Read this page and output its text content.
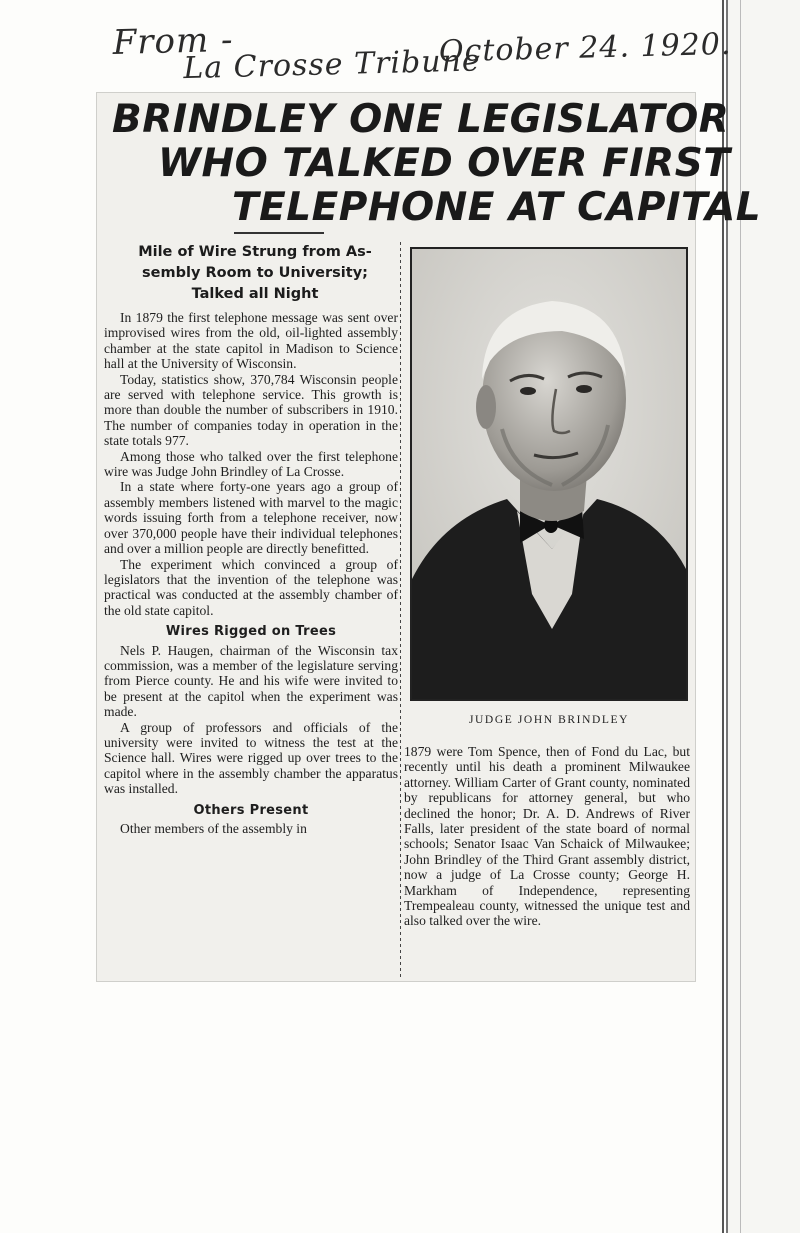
From -
La Crosse Tribune
October 24. 1920.
BRINDLEY ONE LEGISLATOR
WHO TALKED OVER FIRST
TELEPHONE AT CAPITAL
Mile of Wire Strung from As-
sembly Room to University;
Talked all Night

In 1879 the first telephone message was sent over improvised wires from the old, oil-lighted assembly chamber at the state capitol in Madison to Science hall at the University of Wisconsin.

Today, statistics show, 370,784 Wisconsin people are served with telephone service. This growth is more than double the number of subscribers in 1910. The number of companies today in operation in the state totals 977.

Among those who talked over the first telephone wire was Judge John Brindley of La Crosse.

In a state where forty-one years ago a group of assembly members listened with marvel to the magic words issuing forth from a telephone receiver, now over 370,000 people have their individual telephones and over a million people are directly benefitted.

The experiment which convinced a group of legislators that the invention of the telephone was practical was conducted at the assembly chamber of the old state capitol.

Wires Rigged on Trees

Nels P. Haugen, chairman of the Wisconsin tax commission, was a member of the legislature serving from Pierce county. He and his wife were invited to be present at the capitol when the experiment was made.

A group of professors and officials of the university were invited to witness the test at the Science hall. Wires were rigged up over trees to the capitol where in the assembly chamber the apparatus was installed.

Others Present

Other members of the assembly in

JUDGE JOHN BRINDLEY

1879 were Tom Spence, then of Fond du Lac, but recently until his death a prominent Milwaukee attorney. William Carter of Grant county, nominated by republicans for attorney general, but who declined the honor; Dr. A. D. Andrews of River Falls, later president of the state board of normal schools; Senator Isaac Van Schaick of Milwaukee; John Brindley of the Third Grant assembly district, now a judge of La Crosse county; George H. Markham of Independence, representing Trempealeau county, witnessed the unique test and also talked over the wire.
